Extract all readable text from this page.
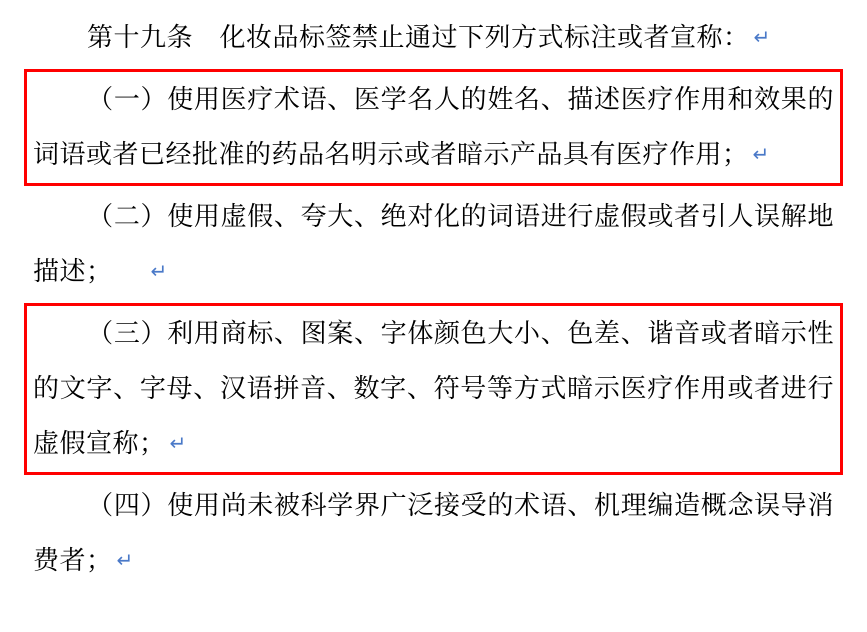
第十九条　化妆品标签禁止通过下列方式标注或者宣称： ↵

（一）使用医疗术语、医学名人的姓名、描述医疗作用和效果的词语或者已经批准的药品名明示或者暗示产品具有医疗作用； ↵

（二）使用虚假、夸大、绝对化的词语进行虚假或者引人误解地描述； ↵

（三）利用商标、图案、字体颜色大小、色差、谐音或者暗示性的文字、字母、汉语拼音、数字、符号等方式暗示医疗作用或者进行虚假宣称； ↵

（四）使用尚未被科学界广泛接受的术语、机理编造概念误导消费者； ↵
